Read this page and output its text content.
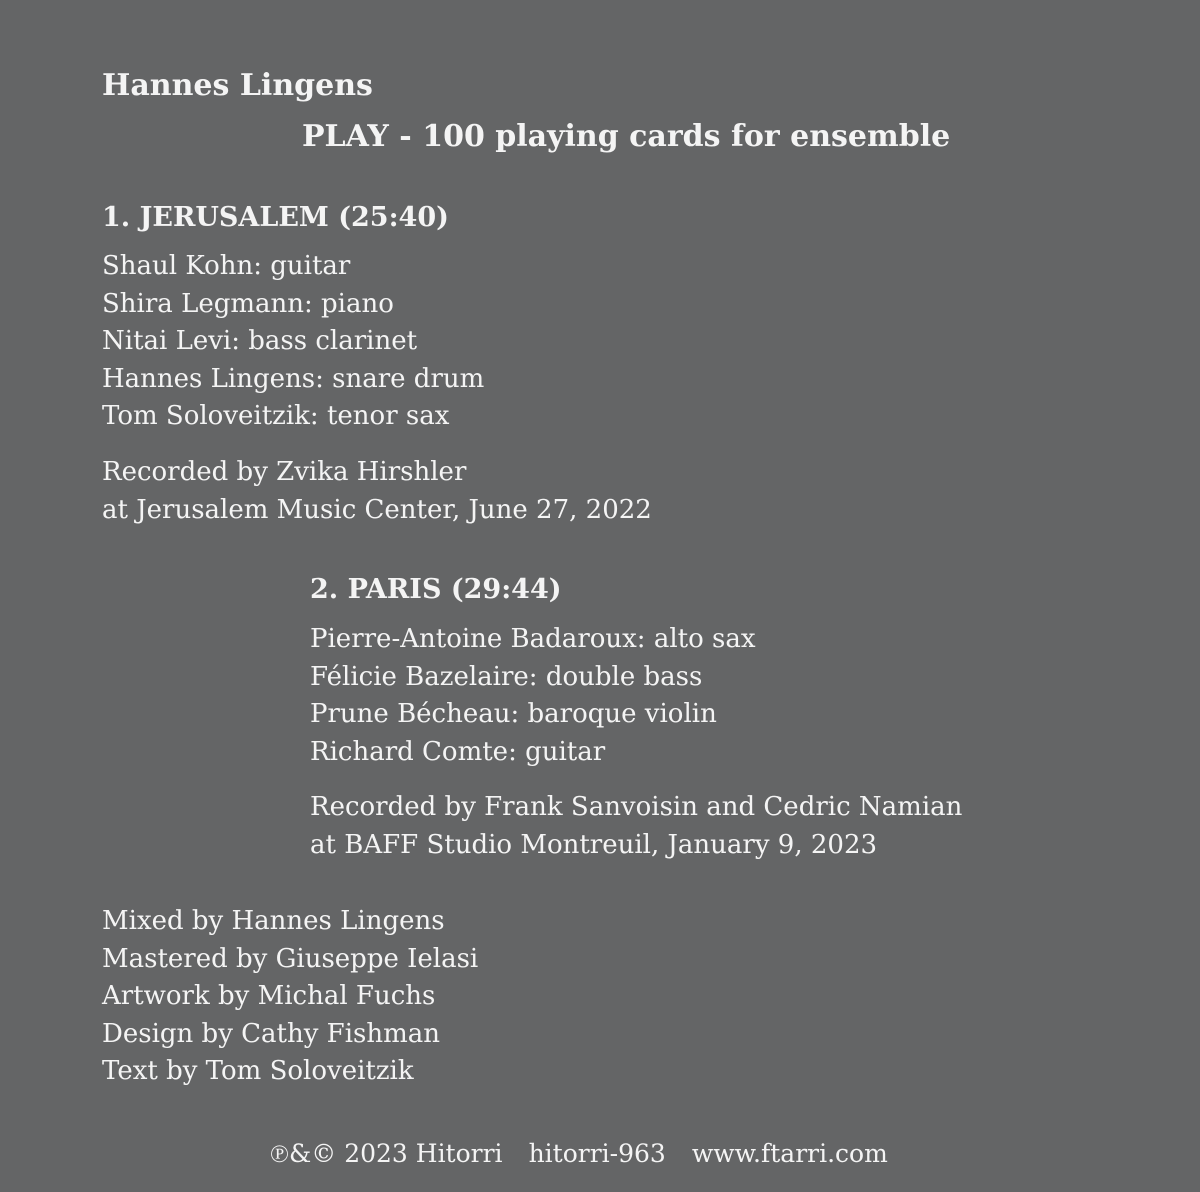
Hannes Lingens
PLAY - 100 playing cards for ensemble
1. JERUSALEM (25:40)
Shaul Kohn: guitar
Shira Legmann: piano
Nitai Levi: bass clarinet
Hannes Lingens: snare drum
Tom Soloveitzik: tenor sax
Recorded by Zvika Hirshler
at Jerusalem Music Center, June 27, 2022
2. PARIS (29:44)
Pierre-Antoine Badaroux: alto sax
Félicie Bazelaire: double bass
Prune Bécheau: baroque violin
Richard Comte: guitar
Recorded by Frank Sanvoisin and Cedric Namian
at BAFF Studio Montreuil, January 9, 2023
Mixed by Hannes Lingens
Mastered by Giuseppe Ielasi
Artwork by Michal Fuchs
Design by Cathy Fishman
Text by Tom Soloveitzik
℗&© 2023 Hitorri hitorri-963 www.ftarri.com
